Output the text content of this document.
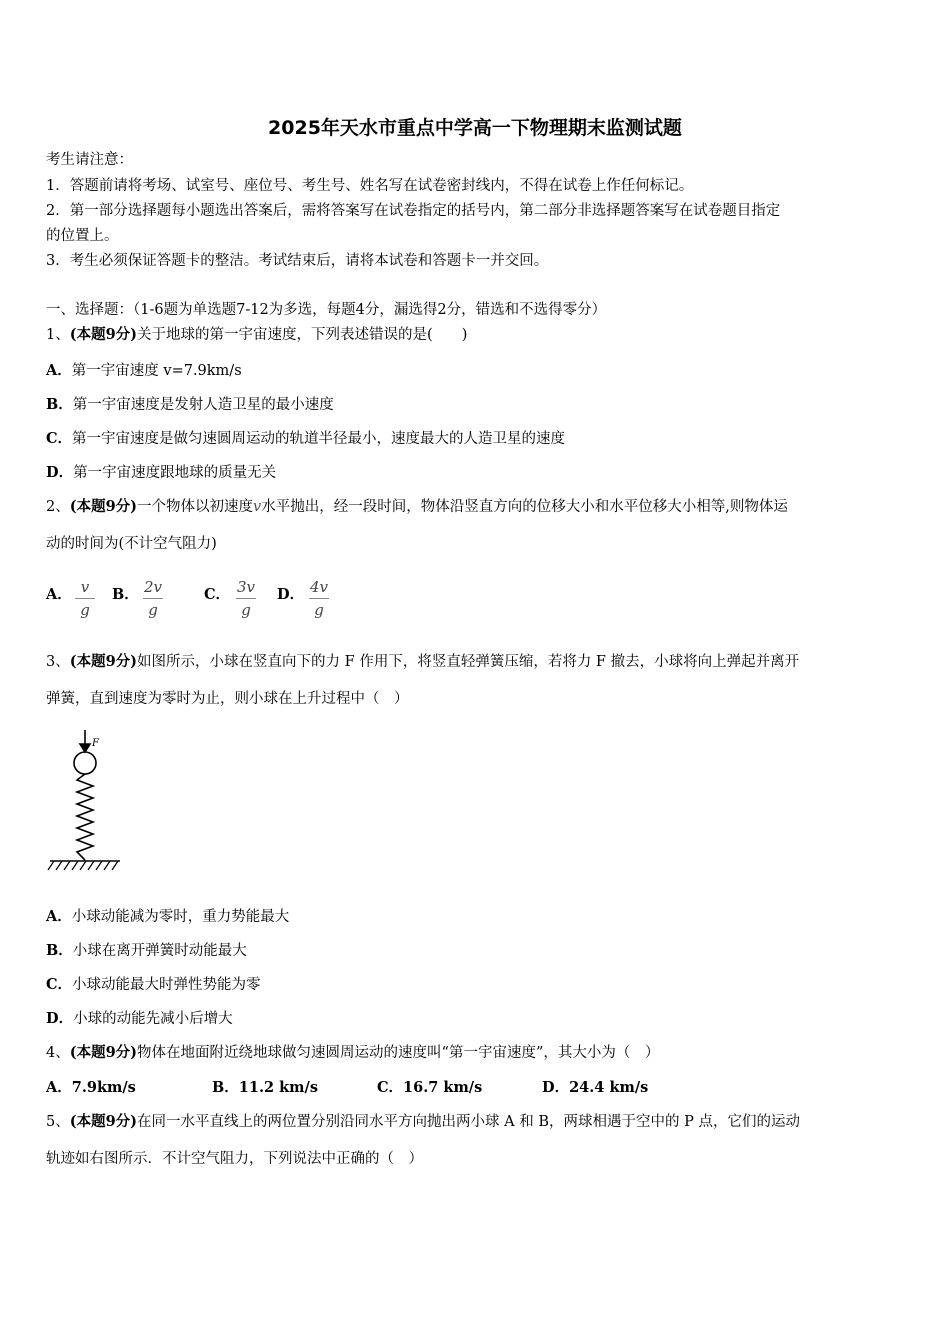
2025年天水市重点中学高一下物理期末监测试题
考生请注意：
1．答题前请将考场、试室号、座位号、考生号、姓名写在试卷密封线内，不得在试卷上作任何标记。
2．第一部分选择题每小题选出答案后，需将答案写在试卷指定的括号内，第二部分非选择题答案写在试卷题目指定
的位置上。
3．考生必须保证答题卡的整洁。考试结束后，请将本试卷和答题卡一并交回。
一、选择题：（1-6题为单选题7-12为多选，每题4分，漏选得2分，错选和不选得零分）
1、(本题9分)关于地球的第一宇宙速度，下列表述错误的是(　　)
A．第一宇宙速度 v=7.9km/s
B．第一宇宙速度是发射人造卫星的最小速度
C．第一宇宙速度是做匀速圆周运动的轨道半径最小，速度最大的人造卫星的速度
D．第一宇宙速度跟地球的质量无关
2、(本题9分)一个物体以初速度v水平抛出，经一段时间，物体沿竖直方向的位移大小和水平位移大小相等,则物体运
动的时间为(不计空气阻力)
A． v
g
B． 2v
g
C． 3v
g
D． 4v
g
3、(本题9分)如图所示，小球在竖直向下的力 F 作用下，将竖直轻弹簧压缩，若将力 F 撤去，小球将向上弹起并离开
弹簧，直到速度为零时为止，则小球在上升过程中（　）
F
A．小球动能减为零时，重力势能最大
B．小球在离开弹簧时动能最大
C．小球动能最大时弹性势能为零
D．小球的动能先减小后增大
4、(本题9分)物体在地面附近绕地球做匀速圆周运动的速度叫“第一宇宙速度”，其大小为（　）
A．7.9km/s	B．11.2 km/s	C．16.7 km/s	D．24.4 km/s
5、(本题9分)在同一水平直线上的两位置分别沿同水平方向抛出两小球 A 和 B，两球相遇于空中的 P 点，它们的运动
轨迹如右图所示．不计空气阻力，下列说法中正确的（　）
